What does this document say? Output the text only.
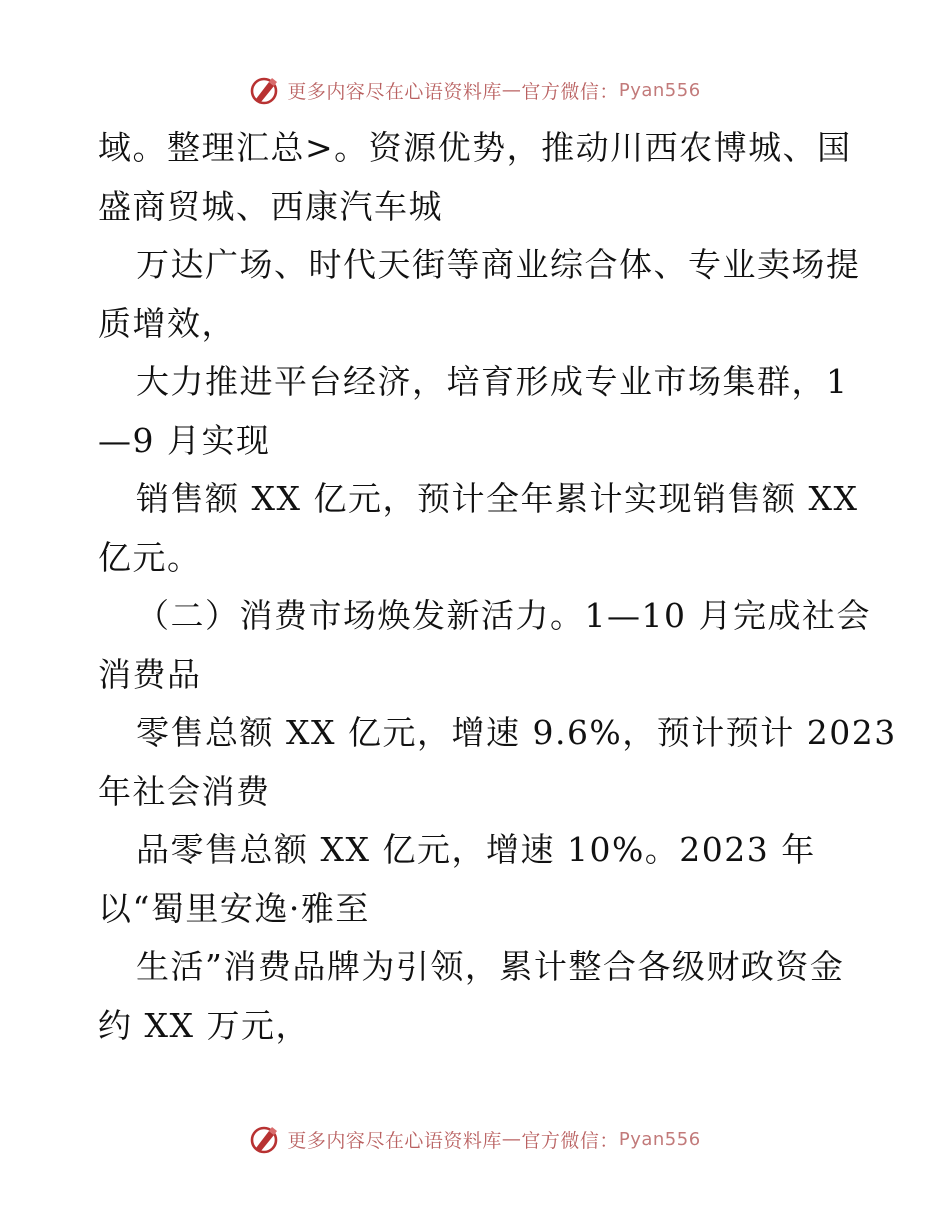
更多内容尽在心语资料库 — 官方微信： Pyan556
域。整理汇总>。资源优势，推动川西农博城、国
盛商贸城、西康汽车城
万达广场、时代天街等商业综合体、专业卖场提
质增效，
大力推进平台经济，培育形成专业市场集群，1
—9 月实现
销售额 XX 亿元，预计全年累计实现销售额 XX
亿元。
（二）消费市场焕发新活力。1—10 月完成社会
消费品
零售总额 XX 亿元，增速 9.6%，预计预计 2023
年社会消费
品零售总额 XX 亿元，增速 10%。2023 年
以“蜀里安逸·雅至
生活”消费品牌为引领，累计整合各级财政资金
约 XX 万元，
更多内容尽在心语资料库 — 官方微信： Pyan556
